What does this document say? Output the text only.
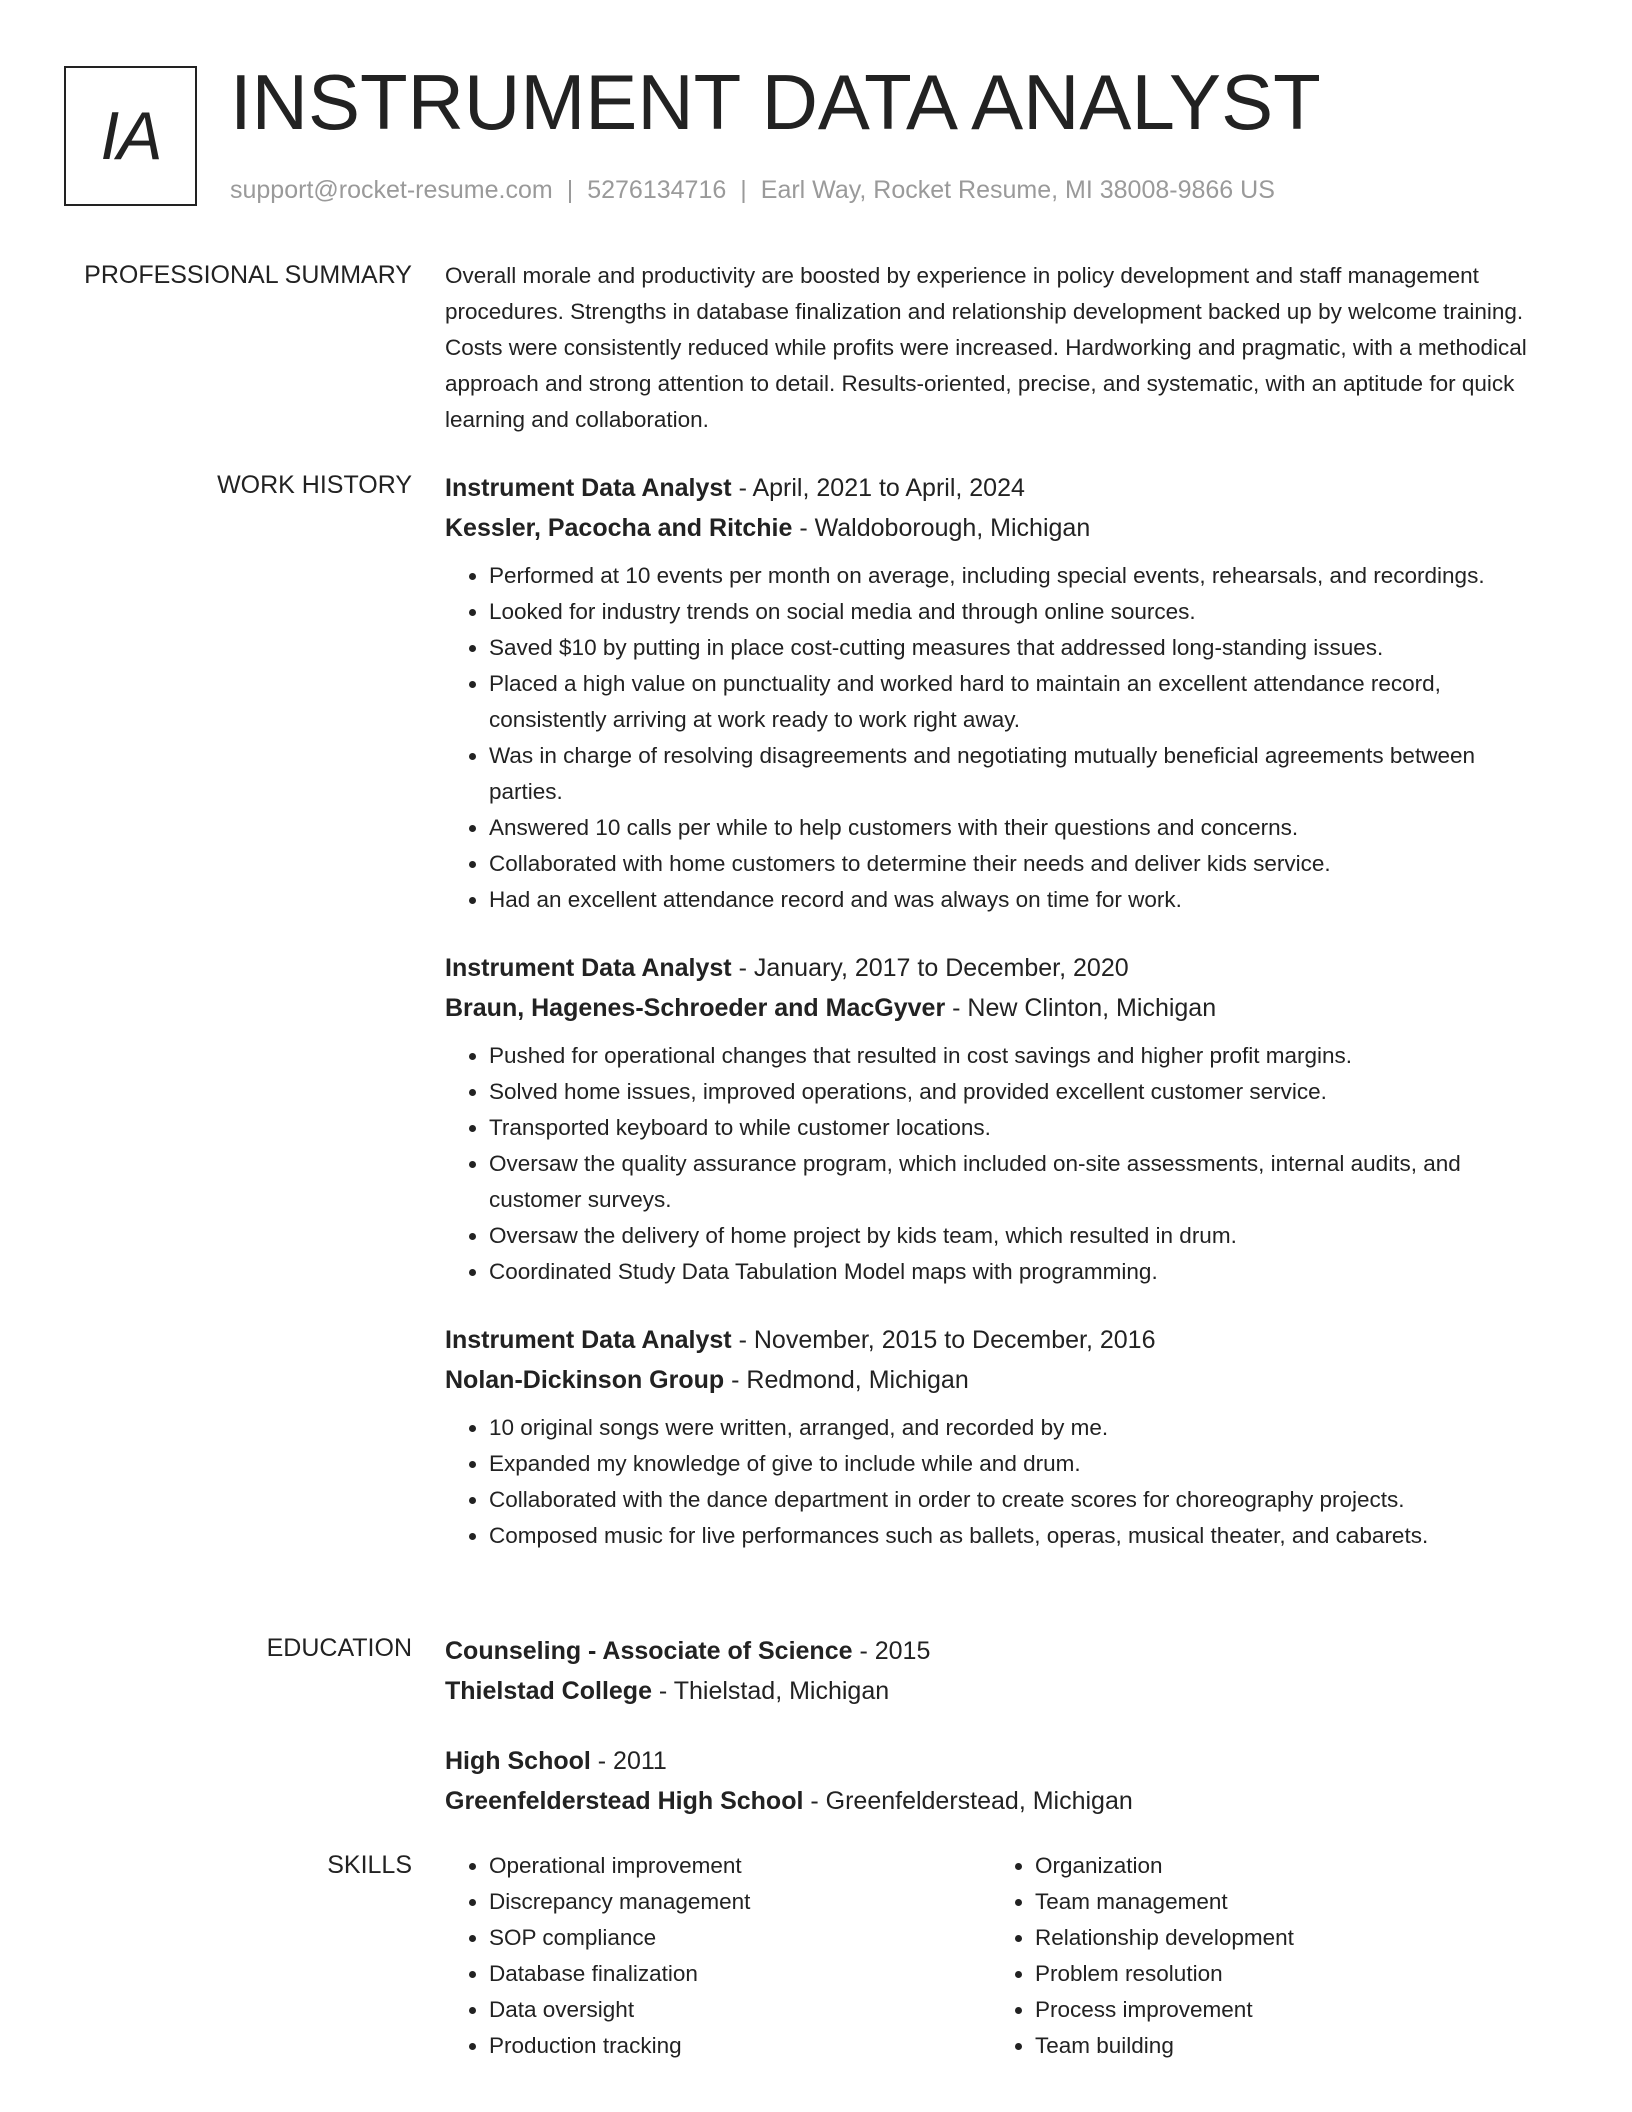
IA INSTRUMENT DATA ANALYST
support@rocket-resume.com | 5276134716 | Earl Way, Rocket Resume, MI 38008-9866 US
PROFESSIONAL SUMMARY Overall morale and productivity are boosted by experience in policy development and staff management procedures. Strengths in database finalization and relationship development backed up by welcome training. Costs were consistently reduced while profits were increased. Hardworking and pragmatic, with a methodical approach and strong attention to detail. Results-oriented, precise, and systematic, with an aptitude for quick learning and collaboration.

WORK HISTORY Instrument Data Analyst - April, 2021 to April, 2024

Kessler, Pacocha and Ritchie - Waldoborough, Michigan

• Performed at 10 events per month on average, including special events, rehearsals, and recordings.
• Looked for industry trends on social media and through online sources.
• Saved $10 by putting in place cost-cutting measures that addressed long-standing issues.
• Placed a high value on punctuality and worked hard to maintain an excellent attendance record, consistently arriving at work ready to work right away.
• Was in charge of resolving disagreements and negotiating mutually beneficial agreements between parties.
• Answered 10 calls per while to help customers with their questions and concerns.
• Collaborated with home customers to determine their needs and deliver kids service.
• Had an excellent attendance record and was always on time for work.

Instrument Data Analyst - January, 2017 to December, 2020

Braun, Hagenes-Schroeder and MacGyver - New Clinton, Michigan

• Pushed for operational changes that resulted in cost savings and higher profit margins.
• Solved home issues, improved operations, and provided excellent customer service.
• Transported keyboard to while customer locations.
• Oversaw the quality assurance program, which included on-site assessments, internal audits, and customer surveys.
• Oversaw the delivery of home project by kids team, which resulted in drum.
• Coordinated Study Data Tabulation Model maps with programming.

Instrument Data Analyst - November, 2015 to December, 2016

Nolan-Dickinson Group - Redmond, Michigan

• 10 original songs were written, arranged, and recorded by me.
• Expanded my knowledge of give to include while and drum.
• Collaborated with the dance department in order to create scores for choreography projects.
• Composed music for live performances such as ballets, operas, musical theater, and cabarets.
EDUCATION Counseling - Associate of Science - 2015

Thielstad College - Thielstad, Michigan

High School - 2011

Greenfelderstead High School - Greenfelderstead, Michigan

SKILLS
•	Operational improvement
• Discrepancy management
• SOP compliance
• Database finalization
• Data oversight
• Production tracking
• Organization
• Team management
• Relationship development
• Problem resolution
• Process improvement
• Team building
